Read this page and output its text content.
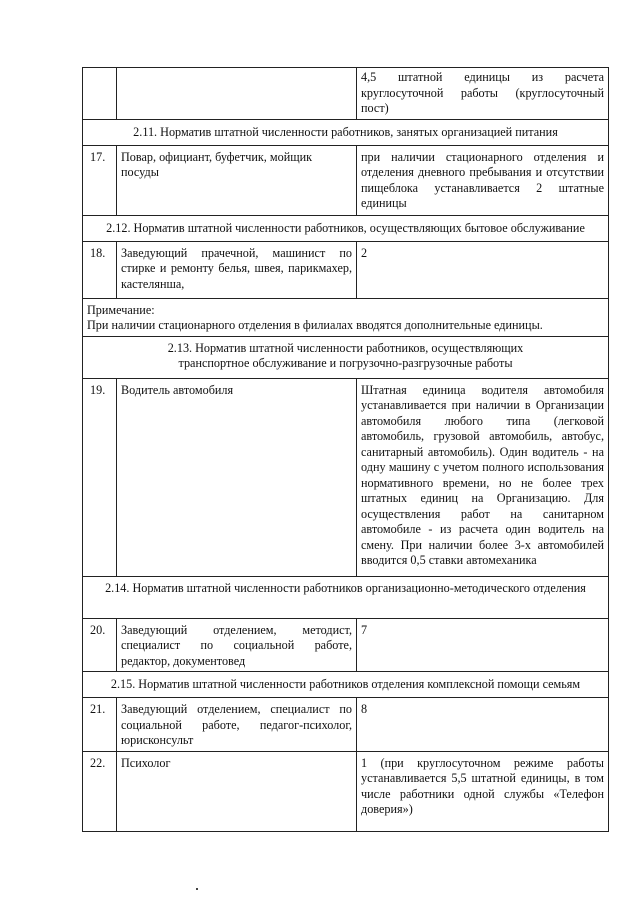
		4,5 штатной единицы из расчета круглосуточной работы (круглосуточный пост)
2.11. Норматив штатной численности работников, занятых организацией питания		
17.	Повар, официант, буфетчик, мойщик посуды	при наличии стационарного отделения и отделения дневного пребывания и отсутствии пищеблока устанавливается 2 штатные единицы
2.12. Норматив штатной численности работников, осуществляющих бытовое обслуживание		
18.	Заведующий прачечной, машинист по стирке и ремонту белья, швея, парикмахер, кастелянша,	2

Примечание:
При наличии стационарного отделения в филиалах вводятся дополнительные единицы.		

2.13. Норматив штатной численности работников, осуществляющих транспортное обслуживание и погрузочно-разгрузочные работы		
19.	Водитель автомобиля	Штатная единица водителя автомобиля устанавливается при наличии в Организации автомобиля любого типа (легковой автомобиль, грузовой автомобиль, автобус, санитарный автомобиль). Один водитель - на одну машину с учетом полного использования нормативного времени, но не более трех штатных единиц на Организацию. Для осуществления работ на санитарном автомобиле - из расчета один водитель на смену. При наличии более 3-х автомобилей вводится 0,5 ставки автомеханика
2.14. Норматив штатной численности работников организационно-методического отделения		
20.	Заведующий отделением, методист, специалист по социальной работе, редактор, документовед	7
2.15. Норматив штатной численности работников отделения комплексной помощи семьям		
21.	Заведующий отделением, специалист по социальной работе, педагог-психолог, юрисконсульт	8
22.	Психолог	1 (при круглосуточном режиме работы устанавливается 5,5 штатной единицы, в том числе работники одной службы «Телефон доверия»)
